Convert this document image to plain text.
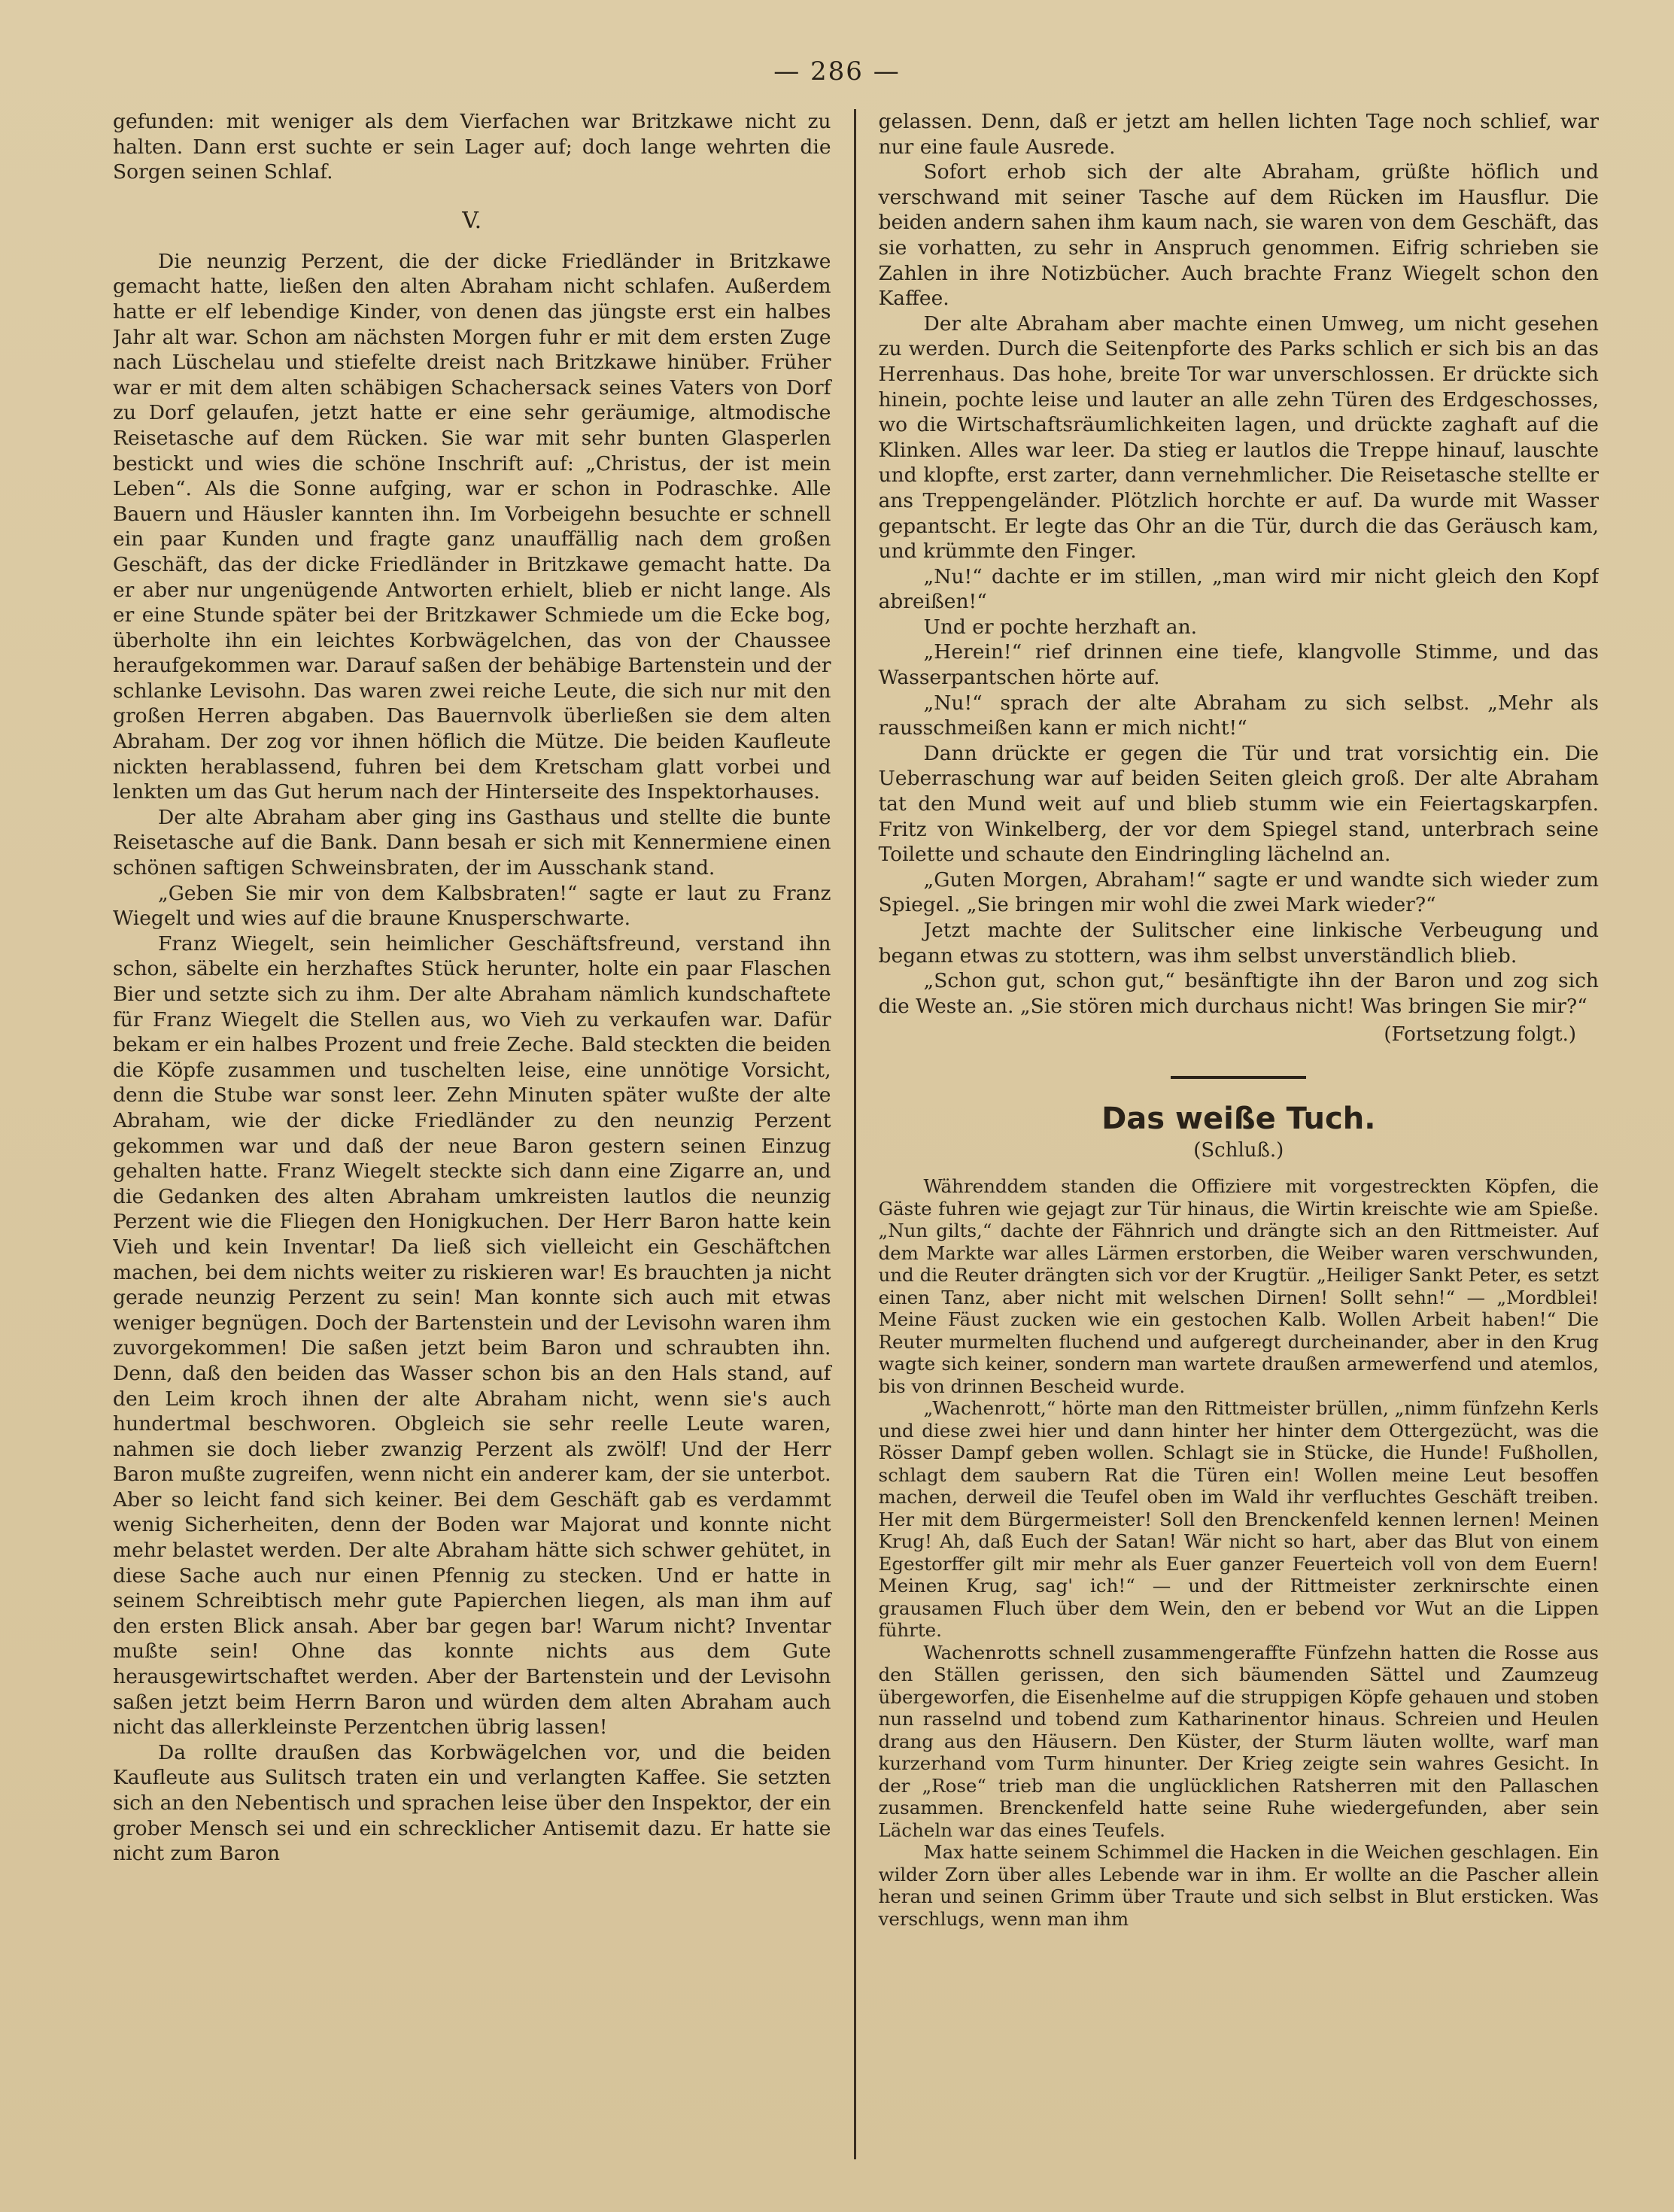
— 286 —

gefunden: mit weniger als dem Vierfachen war Britzkawe nicht zu halten. Dann erst suchte er sein Lager auf; doch lange wehrten die Sorgen seinen Schlaf.

V.

Die neunzig Perzent, die der dicke Friedländer in Britzkawe gemacht hatte, ließen den alten Abraham nicht schlafen. Außerdem hatte er elf lebendige Kinder, von denen das jüngste erst ein halbes Jahr alt war. Schon am nächsten Morgen fuhr er mit dem ersten Zuge nach Lüschelau und stiefelte dreist nach Britzkawe hinüber. Früher war er mit dem alten schäbigen Schachersack seines Vaters von Dorf zu Dorf gelaufen, jetzt hatte er eine sehr geräumige, altmodische Reisetasche auf dem Rücken. Sie war mit sehr bunten Glasperlen bestickt und wies die schöne Inschrift auf: „Christus, der ist mein Leben“. Als die Sonne aufging, war er schon in Podraschke. Alle Bauern und Häusler kannten ihn. Im Vorbeigehn besuchte er schnell ein paar Kunden und fragte ganz unauffällig nach dem großen Geschäft, das der dicke Friedländer in Britzkawe gemacht hatte. Da er aber nur ungenügende Antworten erhielt, blieb er nicht lange. Als er eine Stunde später bei der Britzkawer Schmiede um die Ecke bog, überholte ihn ein leichtes Korbwägelchen, das von der Chaussee heraufgekommen war. Darauf saßen der behäbige Bartenstein und der schlanke Levisohn. Das waren zwei reiche Leute, die sich nur mit den großen Herren abgaben. Das Bauernvolk überließen sie dem alten Abraham. Der zog vor ihnen höflich die Mütze. Die beiden Kaufleute nickten herablassend, fuhren bei dem Kretscham glatt vorbei und lenkten um das Gut herum nach der Hinterseite des Inspektorhauses.

Der alte Abraham aber ging ins Gasthaus und stellte die bunte Reisetasche auf die Bank. Dann besah er sich mit Kennermiene einen schönen saftigen Schweinsbraten, der im Ausschank stand.

„Geben Sie mir von dem Kalbsbraten!“ sagte er laut zu Franz Wiegelt und wies auf die braune Knusperschwarte.

Franz Wiegelt, sein heimlicher Geschäftsfreund, verstand ihn schon, säbelte ein herzhaftes Stück herunter, holte ein paar Flaschen Bier und setzte sich zu ihm. Der alte Abraham nämlich kundschaftete für Franz Wiegelt die Stellen aus, wo Vieh zu verkaufen war. Dafür bekam er ein halbes Prozent und freie Zeche. Bald steckten die beiden die Köpfe zusammen und tuschelten leise, eine unnötige Vorsicht, denn die Stube war sonst leer. Zehn Minuten später wußte der alte Abraham, wie der dicke Friedländer zu den neunzig Perzent gekommen war und daß der neue Baron gestern seinen Einzug gehalten hatte. Franz Wiegelt steckte sich dann eine Zigarre an, und die Gedanken des alten Abraham umkreisten lautlos die neunzig Perzent wie die Fliegen den Honigkuchen. Der Herr Baron hatte kein Vieh und kein Inventar! Da ließ sich vielleicht ein Geschäftchen machen, bei dem nichts weiter zu riskieren war! Es brauchten ja nicht gerade neunzig Perzent zu sein! Man konnte sich auch mit etwas weniger begnügen. Doch der Bartenstein und der Levisohn waren ihm zuvorgekommen! Die saßen jetzt beim Baron und schraubten ihn. Denn, daß den beiden das Wasser schon bis an den Hals stand, auf den Leim kroch ihnen der alte Abraham nicht, wenn sie's auch hundertmal beschworen. Obgleich sie sehr reelle Leute waren, nahmen sie doch lieber zwanzig Perzent als zwölf! Und der Herr Baron mußte zugreifen, wenn nicht ein anderer kam, der sie unterbot. Aber so leicht fand sich keiner. Bei dem Geschäft gab es verdammt wenig Sicherheiten, denn der Boden war Majorat und konnte nicht mehr belastet werden. Der alte Abraham hätte sich schwer gehütet, in diese Sache auch nur einen Pfennig zu stecken. Und er hatte in seinem Schreibtisch mehr gute Papierchen liegen, als man ihm auf den ersten Blick ansah. Aber bar gegen bar! Warum nicht? Inventar mußte sein! Ohne das konnte nichts aus dem Gute herausgewirtschaftet werden. Aber der Bartenstein und der Levisohn saßen jetzt beim Herrn Baron und würden dem alten Abraham auch nicht das allerkleinste Perzentchen übrig lassen!

Da rollte draußen das Korbwägelchen vor, und die beiden Kaufleute aus Sulitsch traten ein und verlangten Kaffee. Sie setzten sich an den Nebentisch und sprachen leise über den Inspektor, der ein grober Mensch sei und ein schrecklicher Antisemit dazu. Er hatte sie nicht zum Baron

gelassen. Denn, daß er jetzt am hellen lichten Tage noch schlief, war nur eine faule Ausrede.

Sofort erhob sich der alte Abraham, grüßte höflich und verschwand mit seiner Tasche auf dem Rücken im Hausflur. Die beiden andern sahen ihm kaum nach, sie waren von dem Geschäft, das sie vorhatten, zu sehr in Anspruch genommen. Eifrig schrieben sie Zahlen in ihre Notizbücher. Auch brachte Franz Wiegelt schon den Kaffee.

Der alte Abraham aber machte einen Umweg, um nicht gesehen zu werden. Durch die Seitenpforte des Parks schlich er sich bis an das Herrenhaus. Das hohe, breite Tor war unverschlossen. Er drückte sich hinein, pochte leise und lauter an alle zehn Türen des Erdgeschosses, wo die Wirtschaftsräumlichkeiten lagen, und drückte zaghaft auf die Klinken. Alles war leer. Da stieg er lautlos die Treppe hinauf, lauschte und klopfte, erst zarter, dann vernehmlicher. Die Reisetasche stellte er ans Treppengeländer. Plötzlich horchte er auf. Da wurde mit Wasser gepantscht. Er legte das Ohr an die Tür, durch die das Geräusch kam, und krümmte den Finger.

„Nu!“ dachte er im stillen, „man wird mir nicht gleich den Kopf abreißen!“

Und er pochte herzhaft an.

„Herein!“ rief drinnen eine tiefe, klangvolle Stimme, und das Wasserpantschen hörte auf.

„Nu!“ sprach der alte Abraham zu sich selbst. „Mehr als rausschmeißen kann er mich nicht!“

Dann drückte er gegen die Tür und trat vorsichtig ein. Die Ueberraschung war auf beiden Seiten gleich groß. Der alte Abraham tat den Mund weit auf und blieb stumm wie ein Feiertagskarpfen. Fritz von Winkelberg, der vor dem Spiegel stand, unterbrach seine Toilette und schaute den Eindringling lächelnd an.

„Guten Morgen, Abraham!“ sagte er und wandte sich wieder zum Spiegel. „Sie bringen mir wohl die zwei Mark wieder?“

Jetzt machte der Sulitscher eine linkische Verbeugung und begann etwas zu stottern, was ihm selbst unverständlich blieb.

„Schon gut, schon gut,“ besänftigte ihn der Baron und zog sich die Weste an. „Sie stören mich durchaus nicht! Was bringen Sie mir?“

(Fortsetzung folgt.)
Das weiße Tuch.
(Schluß.)

Währenddem standen die Offiziere mit vorgestreckten Köpfen, die Gäste fuhren wie gejagt zur Tür hinaus, die Wirtin kreischte wie am Spieße. „Nun gilts,“ dachte der Fähnrich und drängte sich an den Rittmeister. Auf dem Markte war alles Lärmen erstorben, die Weiber waren verschwunden, und die Reuter drängten sich vor der Krugtür. „Heiliger Sankt Peter, es setzt einen Tanz, aber nicht mit welschen Dirnen! Sollt sehn!“ — „Mordblei! Meine Fäust zucken wie ein gestochen Kalb. Wollen Arbeit haben!“ Die Reuter murmelten fluchend und aufgeregt durcheinander, aber in den Krug wagte sich keiner, sondern man wartete draußen armewerfend und atemlos, bis von drinnen Bescheid wurde.

„Wachenrott,“ hörte man den Rittmeister brüllen, „nimm fünfzehn Kerls und diese zwei hier und dann hinter her hinter dem Ottergezücht, was die Rösser Dampf geben wollen. Schlagt sie in Stücke, die Hunde! Fußhollen, schlagt dem saubern Rat die Türen ein! Wollen meine Leut besoffen machen, derweil die Teufel oben im Wald ihr verfluchtes Geschäft treiben. Her mit dem Bürgermeister! Soll den Brenckenfeld kennen lernen! Meinen Krug! Ah, daß Euch der Satan! Wär nicht so hart, aber das Blut von einem Egestorffer gilt mir mehr als Euer ganzer Feuerteich voll von dem Euern! Meinen Krug, sag' ich!“ — und der Rittmeister zerknirschte einen grausamen Fluch über dem Wein, den er bebend vor Wut an die Lippen führte.

Wachenrotts schnell zusammengeraffte Fünfzehn hatten die Rosse aus den Ställen gerissen, den sich bäumenden Sättel und Zaumzeug übergeworfen, die Eisenhelme auf die struppigen Köpfe gehauen und stoben nun rasselnd und tobend zum Katharinentor hinaus. Schreien und Heulen drang aus den Häusern. Den Küster, der Sturm läuten wollte, warf man kurzerhand vom Turm hinunter. Der Krieg zeigte sein wahres Gesicht. In der „Rose“ trieb man die unglücklichen Ratsherren mit den Pallaschen zusammen. Brenckenfeld hatte seine Ruhe wiedergefunden, aber sein Lächeln war das eines Teufels.

Max hatte seinem Schimmel die Hacken in die Weichen geschlagen. Ein wilder Zorn über alles Lebende war in ihm. Er wollte an die Pascher allein heran und seinen Grimm über Traute und sich selbst in Blut ersticken. Was verschlugs, wenn man ihm
